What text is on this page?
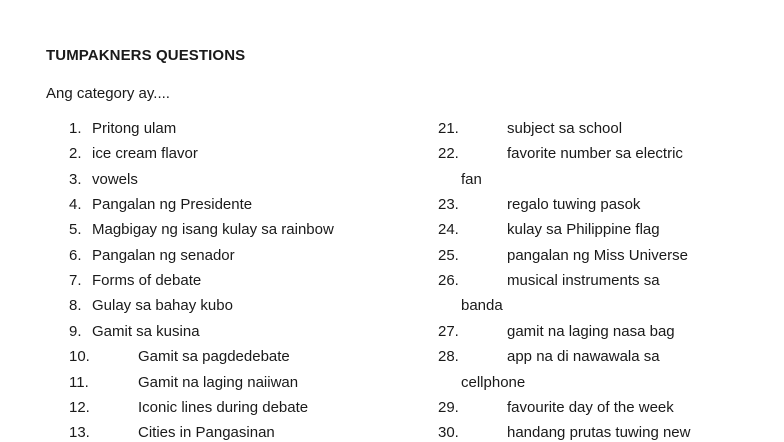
TUMPAKNERS QUESTIONS
Ang category ay....
1. Pritong ulam
2. ice cream flavor
3. vowels
4. Pangalan ng Presidente
5. Magbigay ng isang kulay sa rainbow
6. Pangalan ng senador
7. Forms of debate
8. Gulay sa bahay kubo
9. Gamit sa kusina
10.	Gamit sa pagdedebate
11.	Gamit na laging naiiwan
12.	Iconic lines during debate
13.	Cities in Pangasinan
21.	subject sa school
22.	favorite number sa electric
fan
23.	regalo tuwing pasok
24.	kulay sa Philippine flag
25.	pangalan ng Miss Universe
26.	musical instruments sa
banda
27.	gamit na laging nasa bag
28.	app na di nawawala sa
cellphone
29.	favourite day of the week
30.	handang prutas tuwing new
